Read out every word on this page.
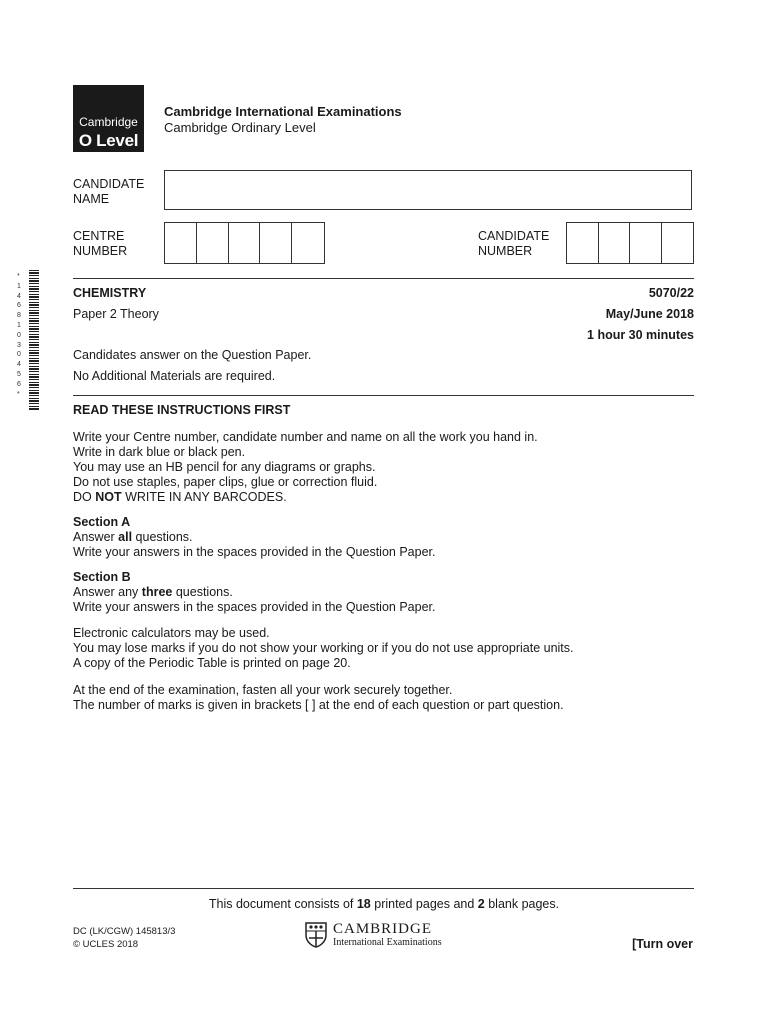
Cambridge
O Level
Cambridge International Examinations
Cambridge Ordinary Level
CANDIDATE
NAME
CENTRE
NUMBER
CANDIDATE
NUMBER
* 1 4 6 8 1 0 3 0 4 5 6 *
CHEMISTRY	5070/22
Paper 2 Theory	May/June 2018
1 hour 30 minutes
Candidates answer on the Question Paper.
No Additional Materials are required.
READ THESE INSTRUCTIONS FIRST
Write your Centre number, candidate number and name on all the work you hand in.
Write in dark blue or black pen.
You may use an HB pencil for any diagrams or graphs.
Do not use staples, paper clips, glue or correction fluid.
DO NOT WRITE IN ANY BARCODES.
Section A
Answer all questions.
Write your answers in the spaces provided in the Question Paper.
Section B
Answer any three questions.
Write your answers in the spaces provided in the Question Paper.
Electronic calculators may be used.
You may lose marks if you do not show your working or if you do not use appropriate units.
A copy of the Periodic Table is printed on page 20.
At the end of the examination, fasten all your work securely together.
The number of marks is given in brackets [ ] at the end of each question or part question.
This document consists of 18 printed pages and 2 blank pages.
DC (LK/CGW) 145813/3
© UCLES 2018
CAMBRIDGE
International Examinations	[Turn over
